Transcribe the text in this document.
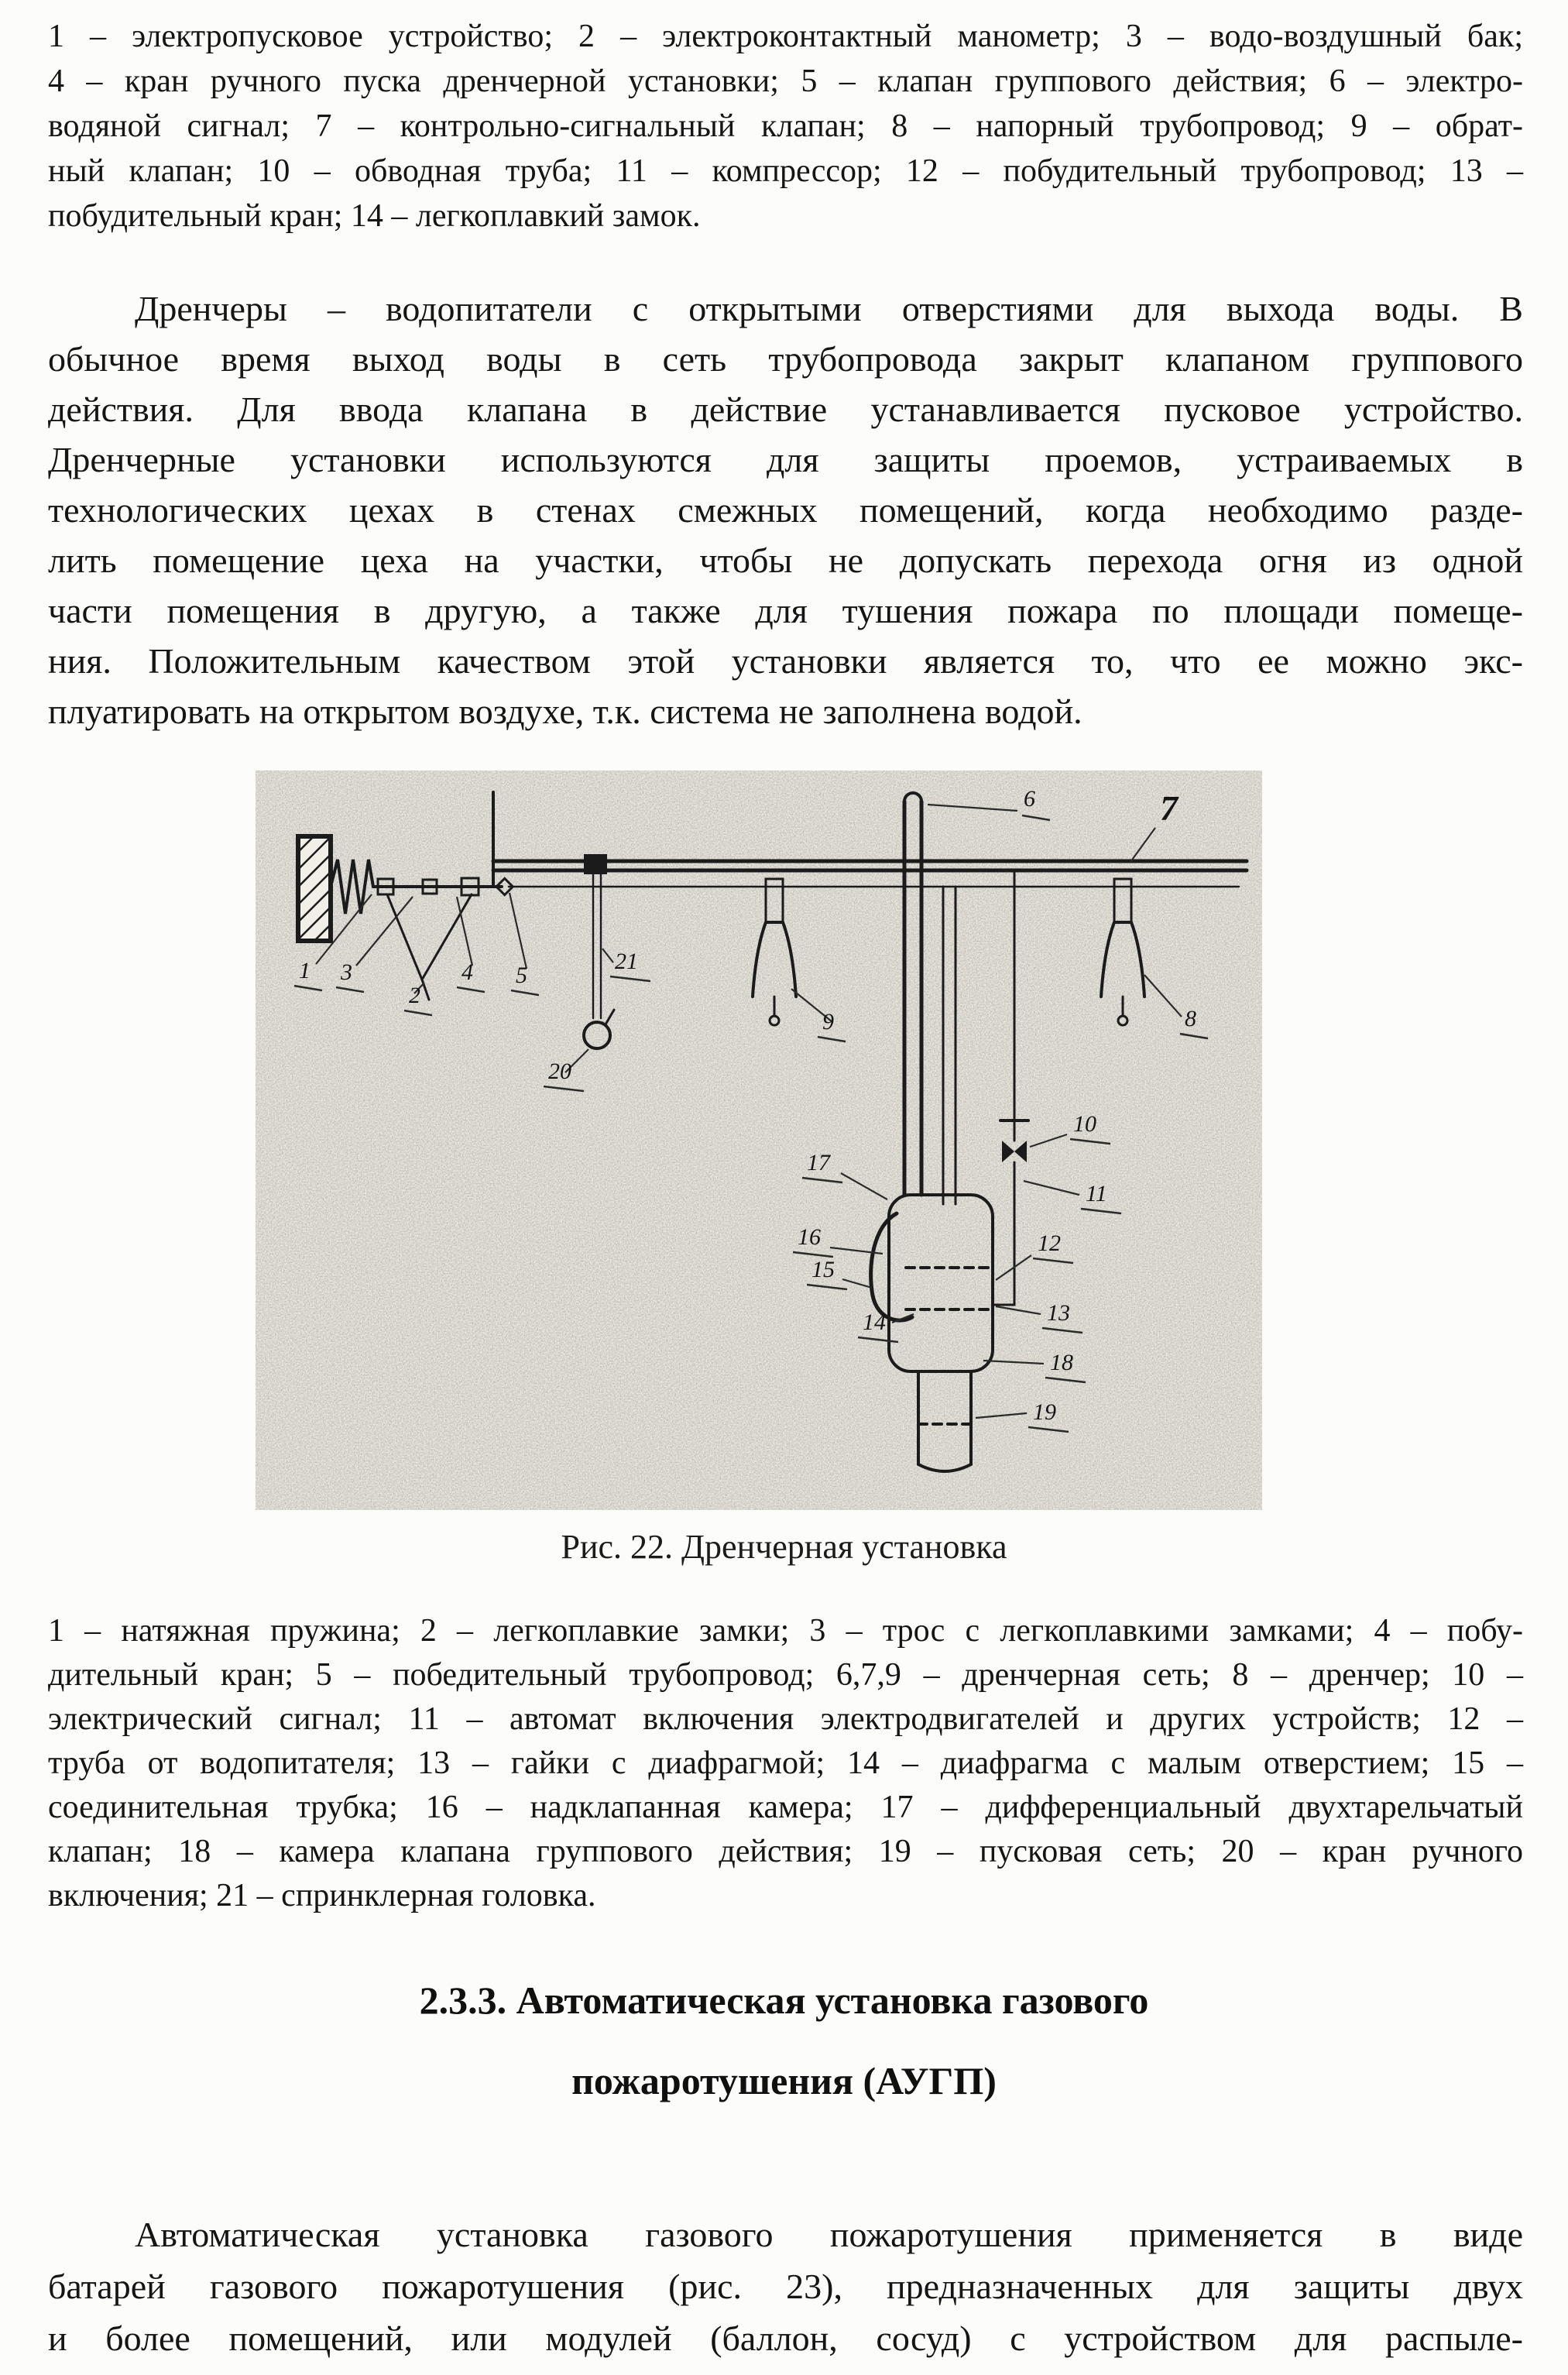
1 – электропусковое устройство; 2 – электроконтактный манометр; 3 – водо-воздушный бак;
4 – кран ручного пуска дренчерной установки; 5 – клапан группового действия; 6 – электро-
водяной сигнал; 7 – контрольно-сигнальный клапан; 8 – напорный трубопровод; 9 – обрат-
ный клапан; 10 – обводная труба; 11 – компрессор; 12 – побудительный трубопровод; 13 –
побудительный кран; 14 – легкоплавкий замок.
Дренчеры – водопитатели с открытыми отверстиями для выхода воды. В
обычное время выход воды в сеть трубопровода закрыт клапаном группового
действия. Для ввода клапана в действие устанавливается пусковое устройство.
Дренчерные установки используются для защиты проемов, устраиваемых в
технологических цехах в стенах смежных помещений, когда необходимо разде-
лить помещение цеха на участки, чтобы не допускать перехода огня из одной
части помещения в другую, а также для тушения пожара по площади помеще-
ния. Положительным качеством этой установки является то, что ее можно экс-
плуатировать на открытом воздухе, т.к. система не заполнена водой.
1 3
2
4 5
21
20
6	7
8
9
10
11
12
13
18
19
17
16
15
14
Рис. 22. Дренчерная установка
1 – натяжная пружина; 2 – легкоплавкие замки; 3 – трос с легкоплавкими замками; 4 – побу-
дительный кран; 5 – победительный трубопровод; 6,7,9 – дренчерная сеть; 8 – дренчер; 10 –
электрический сигнал; 11 – автомат включения электродвигателей и других устройств; 12 –
труба от водопитателя; 13 – гайки с диафрагмой; 14 – диафрагма с малым отверстием; 15 –
соединительная трубка; 16 – надклапанная камера; 17 – дифференциальный двухтарельчатый
клапан; 18 – камера клапана группового действия; 19 – пусковая сеть; 20 – кран ручного
включения; 21 – спринклерная головка.
2.3.3. Автоматическая установка газового
пожаротушения (АУГП)
Автоматическая установка газового пожаротушения применяется в виде
батарей газового пожаротушения (рис. 23), предназначенных для защиты двух
и более помещений, или модулей (баллон, сосуд) с устройством для распыле-
